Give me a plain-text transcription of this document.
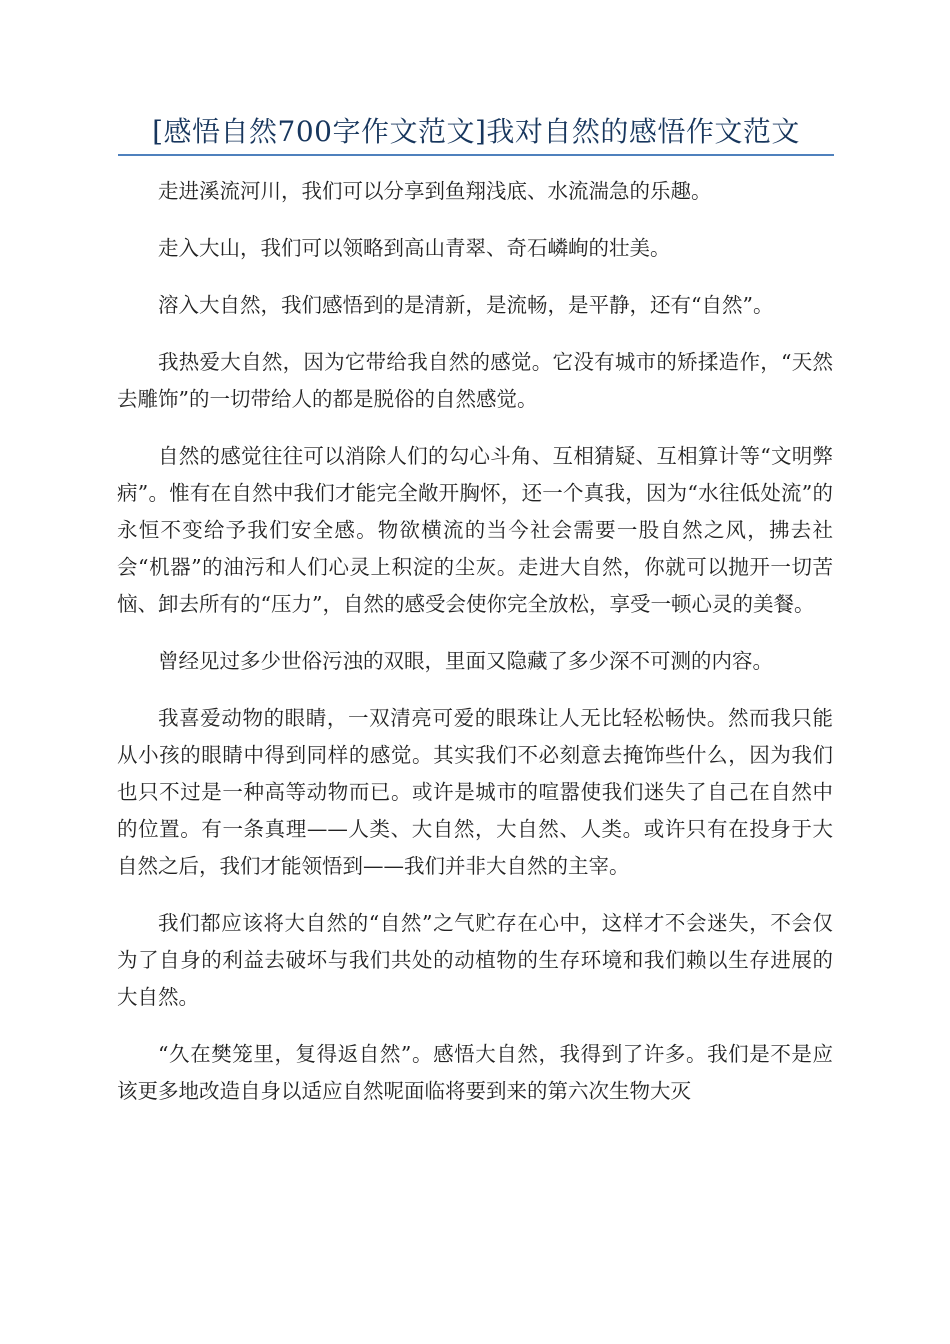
[感悟自然700字作文范文]我对自然的感悟作文范文

走进溪流河川，我们可以分享到鱼翔浅底、水流湍急的乐趣。

走入大山，我们可以领略到高山青翠、奇石嶙峋的壮美。

溶入大自然，我们感悟到的是清新，是流畅，是平静，还有“自然”。

我热爱大自然，因为它带给我自然的感觉。它没有城市的矫揉造作，“天然去雕饰”的一切带给人的都是脱俗的自然感觉。

自然的感觉往往可以消除人们的勾心斗角、互相猜疑、互相算计等“文明弊病”。惟有在自然中我们才能完全敞开胸怀，还一个真我，因为“水往低处流”的永恒不变给予我们安全感。物欲横流的当今社会需要一股自然之风，拂去社会“机器”的油污和人们心灵上积淀的尘灰。走进大自然，你就可以抛开一切苦恼、卸去所有的“压力”，自然的感受会使你完全放松，享受一顿心灵的美餐。

曾经见过多少世俗污浊的双眼，里面又隐藏了多少深不可测的内容。

我喜爱动物的眼睛，一双清亮可爱的眼珠让人无比轻松畅快。然而我只能从小孩的眼睛中得到同样的感觉。其实我们不必刻意去掩饰些什么，因为我们也只不过是一种高等动物而已。或许是城市的喧嚣使我们迷失了自己在自然中的位置。有一条真理——人类、大自然，大自然、人类。或许只有在投身于大自然之后，我们才能领悟到——我们并非大自然的主宰。

我们都应该将大自然的“自然”之气贮存在心中，这样才不会迷失，不会仅为了自身的利益去破坏与我们共处的动植物的生存环境和我们赖以生存进展的大自然。

“久在樊笼里，复得返自然”。感悟大自然，我得到了许多。我们是不是应该更多地改造自身以适应自然呢面临将要到来的第六次生物大灭
